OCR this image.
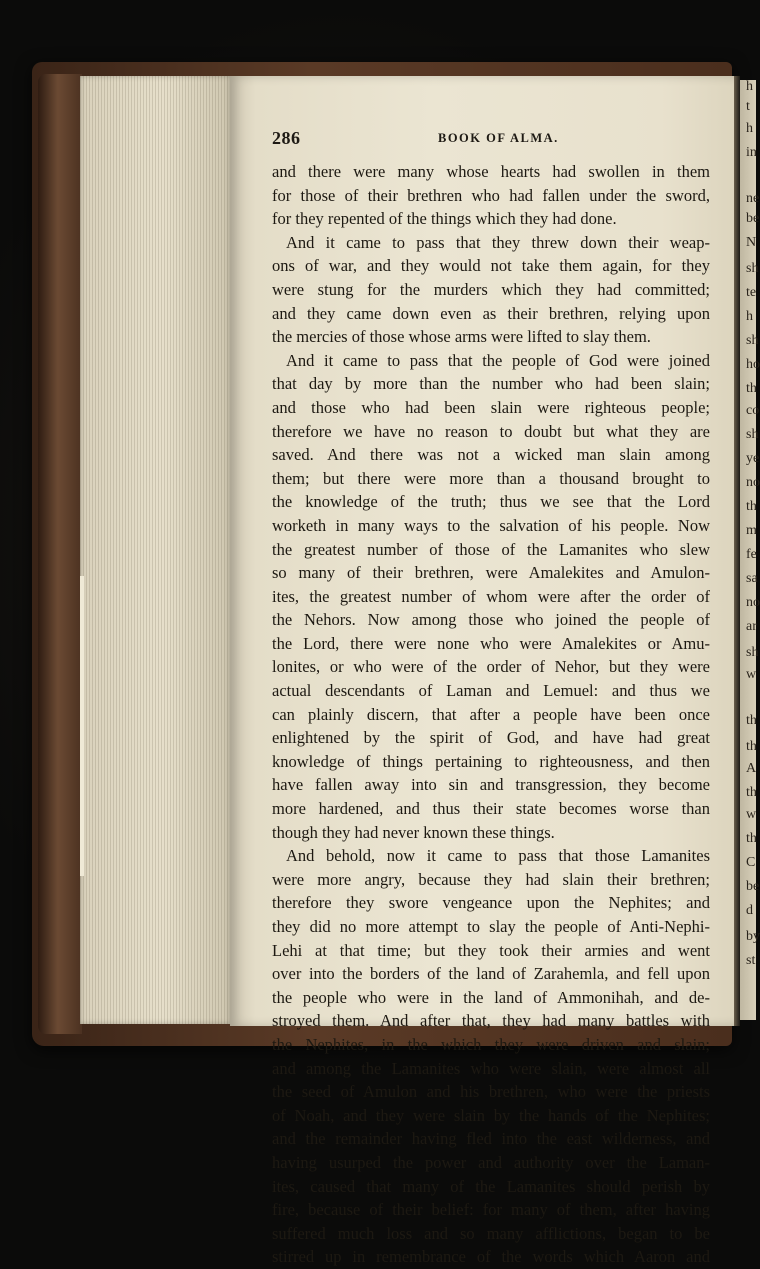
h
t
h
in
ne
be
N
sh
te
h
sh
ho
th
co
sh
ye
no
th
m
fe
sa
no
ar
sh
w
th
th
A
th
w
th
C
be
d
by
st
286	BOOK OF ALMA.
and there were many whose hearts had swollen in them
for those of their brethren who had fallen under the sword,
for they repented of the things which they had done.
And it came to pass that they threw down their weap-
ons of war, and they would not take them again, for they
were stung for the murders which they had committed;
and they came down even as their brethren, relying upon
the mercies of those whose arms were lifted to slay them.
And it came to pass that the people of God were joined
that day by more than the number who had been slain;
and those who had been slain were righteous people;
therefore we have no reason to doubt but what they are
saved. And there was not a wicked man slain among
them; but there were more than a thousand brought to
the knowledge of the truth; thus we see that the Lord
worketh in many ways to the salvation of his people. Now
the greatest number of those of the Lamanites who slew
so many of their brethren, were Amalekites and Amulon-
ites, the greatest number of whom were after the order of
the Nehors. Now among those who joined the people of
the Lord, there were none who were Amalekites or Amu-
lonites, or who were of the order of Nehor, but they were
actual descendants of Laman and Lemuel: and thus we
can plainly discern, that after a people have been once
enlightened by the spirit of God, and have had great
knowledge of things pertaining to righteousness, and then
have fallen away into sin and transgression, they become
more hardened, and thus their state becomes worse than
though they had never known these things.
And behold, now it came to pass that those Lamanites
were more angry, because they had slain their brethren;
therefore they swore vengeance upon the Nephites; and
they did no more attempt to slay the people of Anti-Nephi-
Lehi at that time; but they took their armies and went
over into the borders of the land of Zarahemla, and fell upon
the people who were in the land of Ammonihah, and de-
stroyed them. And after that, they had many battles with
the Nephites, in the which they were driven and slain;
and among the Lamanites who were slain, were almost all
the seed of Amulon and his brethren, who were the priests
of Noah, and they were slain by the hands of the Nephites;
and the remainder having fled into the east wilderness, and
having usurped the power and authority over the Laman-
ites, caused that many of the Lamanites should perish by
fire, because of their belief: for many of them, after having
suffered much loss and so many afflictions, began to be
stirred up in remembrance of the words which Aaron and
